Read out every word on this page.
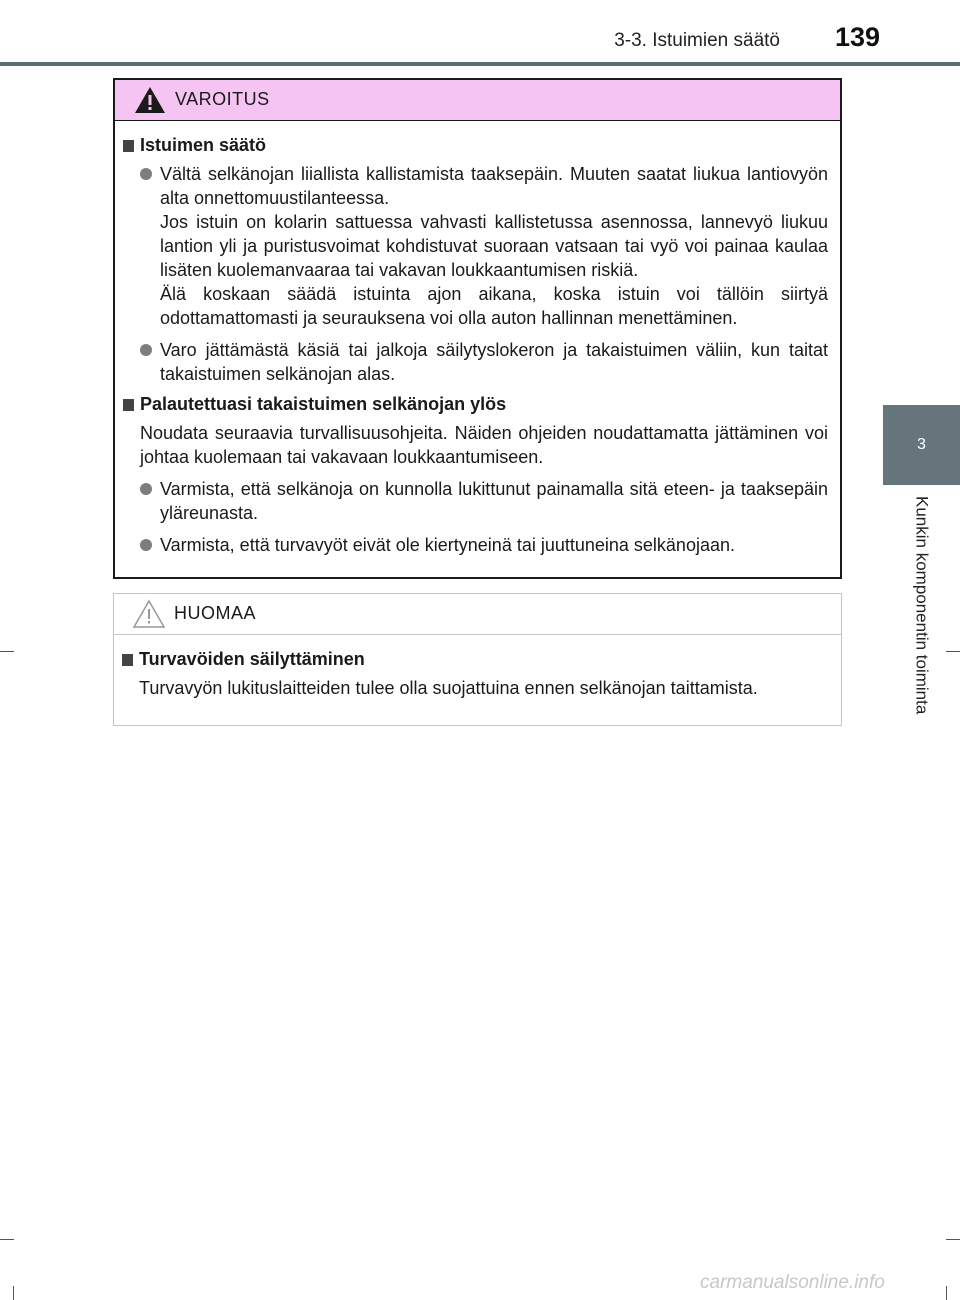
3-3. Istuimien säätö	139
3
Kunkin komponentin toiminta
VAROITUS
Istuimen säätö
Vältä selkänojan liiallista kallistamista taaksepäin. Muuten saatat liukua lantiovyön alta onnettomuustilanteessa.
Jos istuin on kolarin sattuessa vahvasti kallistetussa asennossa, lannevyö liukuu lantion yli ja puristusvoimat kohdistuvat suoraan vatsaan tai vyö voi painaa kaulaa lisäten kuolemanvaaraa tai vakavan loukkaantumisen riskiä.
Älä koskaan säädä istuinta ajon aikana, koska istuin voi tällöin siirtyä odottamattomasti ja seurauksena voi olla auton hallinnan menettäminen.
Varo jättämästä käsiä tai jalkoja säilytyslokeron ja takaistuimen väliin, kun taitat takaistuimen selkänojan alas.
Palautettuasi takaistuimen selkänojan ylös
Noudata seuraavia turvallisuusohjeita. Näiden ohjeiden noudattamatta jättäminen voi johtaa kuolemaan tai vakavaan loukkaantumiseen.
Varmista, että selkänoja on kunnolla lukittunut painamalla sitä eteen- ja taaksepäin yläreunasta.
Varmista, että turvavyöt eivät ole kiertyneinä tai juuttuneina selkänojaan.
HUOMAA
Turvavöiden säilyttäminen
Turvavyön lukituslaitteiden tulee olla suojattuina ennen selkänojan taittamista.
carmanualsonline.info
